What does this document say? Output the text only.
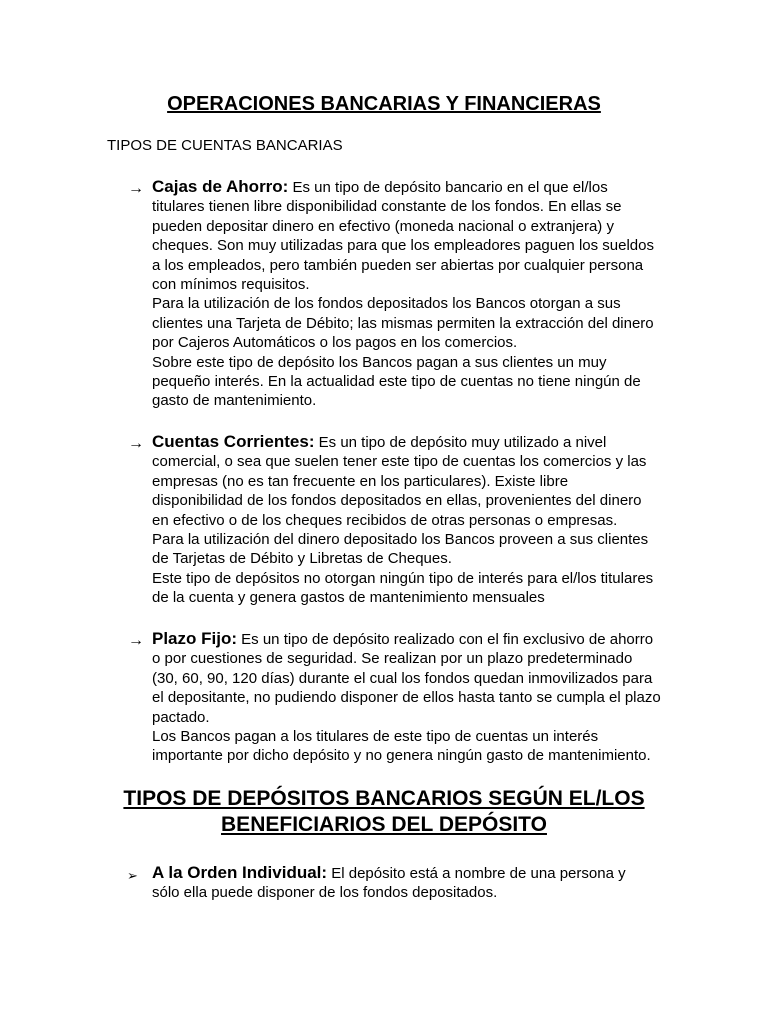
OPERACIONES BANCARIAS Y FINANCIERAS
TIPOS DE CUENTAS BANCARIAS
→ Cajas de Ahorro: Es un tipo de depósito bancario en el que el/los titulares tienen libre disponibilidad constante de los fondos. En ellas se pueden depositar dinero en efectivo (moneda nacional o extranjera) y cheques. Son muy utilizadas para que los empleadores paguen los sueldos a los empleados, pero también pueden ser abiertas por cualquier persona con mínimos requisitos.

Para la utilización de los fondos depositados los Bancos otorgan a sus clientes una Tarjeta de Débito; las mismas permiten la extracción del dinero por Cajeros Automáticos o los pagos en los comercios.

Sobre este tipo de depósito los Bancos pagan a sus clientes un muy pequeño interés. En la actualidad este tipo de cuentas no tiene ningún de gasto de mantenimiento.

→ Cuentas Corrientes: Es un tipo de depósito muy utilizado a nivel comercial, o sea que suelen tener este tipo de cuentas los comercios y las empresas (no es tan frecuente en los particulares). Existe libre disponibilidad de los fondos depositados en ellas, provenientes del dinero en efectivo o de los cheques recibidos de otras personas o empresas.

Para la utilización del dinero depositado los Bancos proveen a sus clientes de Tarjetas de Débito y Libretas de Cheques.

Este tipo de depósitos no otorgan ningún tipo de interés para el/los titulares de la cuenta y genera gastos de mantenimiento mensuales

→ Plazo Fijo: Es un tipo de depósito realizado con el fin exclusivo de ahorro o por cuestiones de seguridad. Se realizan por un plazo predeterminado (30, 60, 90, 120 días) durante el cual los fondos quedan inmovilizados para el depositante, no pudiendo disponer de ellos hasta tanto se cumpla el plazo pactado.

Los Bancos pagan a los titulares de este tipo de cuentas un interés importante por dicho depósito y no genera ningún gasto de mantenimiento.

TIPOS DE DEPÓSITOS BANCARIOS SEGÚN EL/LOS
BENEFICIARIOS DEL DEPÓSITO
➢ A la Orden Individual: El depósito está a nombre de una persona y sólo ella puede disponer de los fondos depositados.
